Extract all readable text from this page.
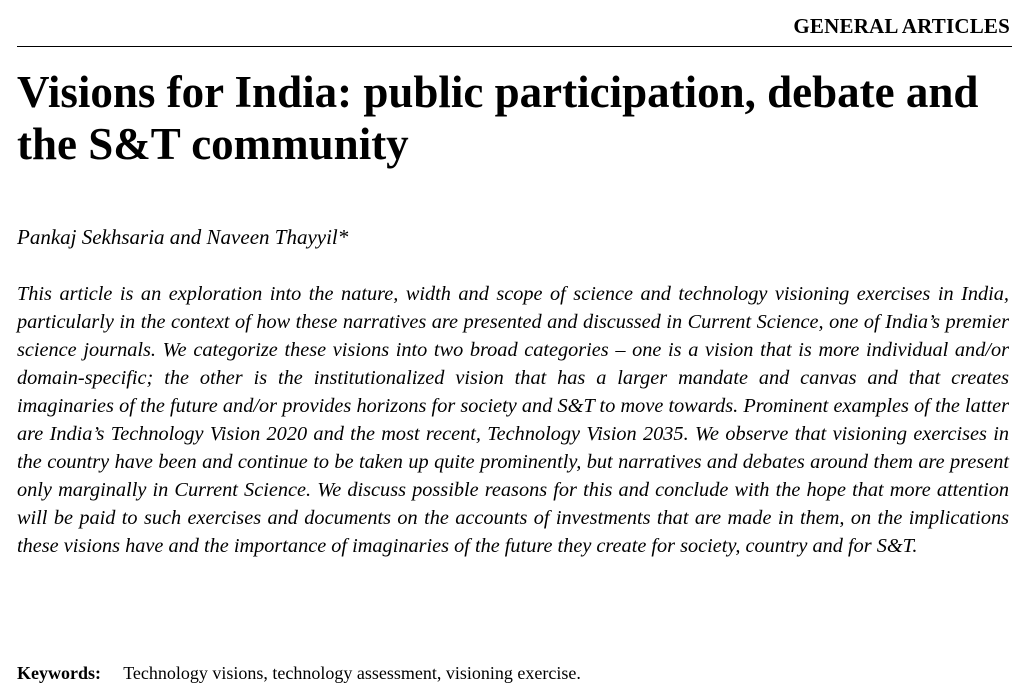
GENERAL ARTICLES
Visions for India: public participation, debate and the S&T community
Pankaj Sekhsaria and Naveen Thayyil*

This article is an exploration into the nature, width and scope of science and technology visioning exercises in India, particularly in the context of how these narratives are presented and discussed in Current Science, one of India’s premier science journals. We categorize these visions into two broad categories – one is a vision that is more individual and/or domain-specific; the other is the institutionalized vision that has a larger mandate and canvas and that creates imaginaries of the future and/or provides horizons for society and S&T to move towards. Prominent examples of the latter are India’s Technology Vision 2020 and the most recent, Technology Vision 2035. We observe that visioning exercises in the country have been and continue to be taken up quite prominently, but narratives and debates around them are present only marginally in Current Science. We discuss possible reasons for this and conclude with the hope that more attention will be paid to such exercises and documents on the accounts of investments that are made in them, on the implications these visions have and the importance of imaginaries of the future they create for society, country and for S&T.

Keywords: Technology visions, technology assessment, visioning exercise.
